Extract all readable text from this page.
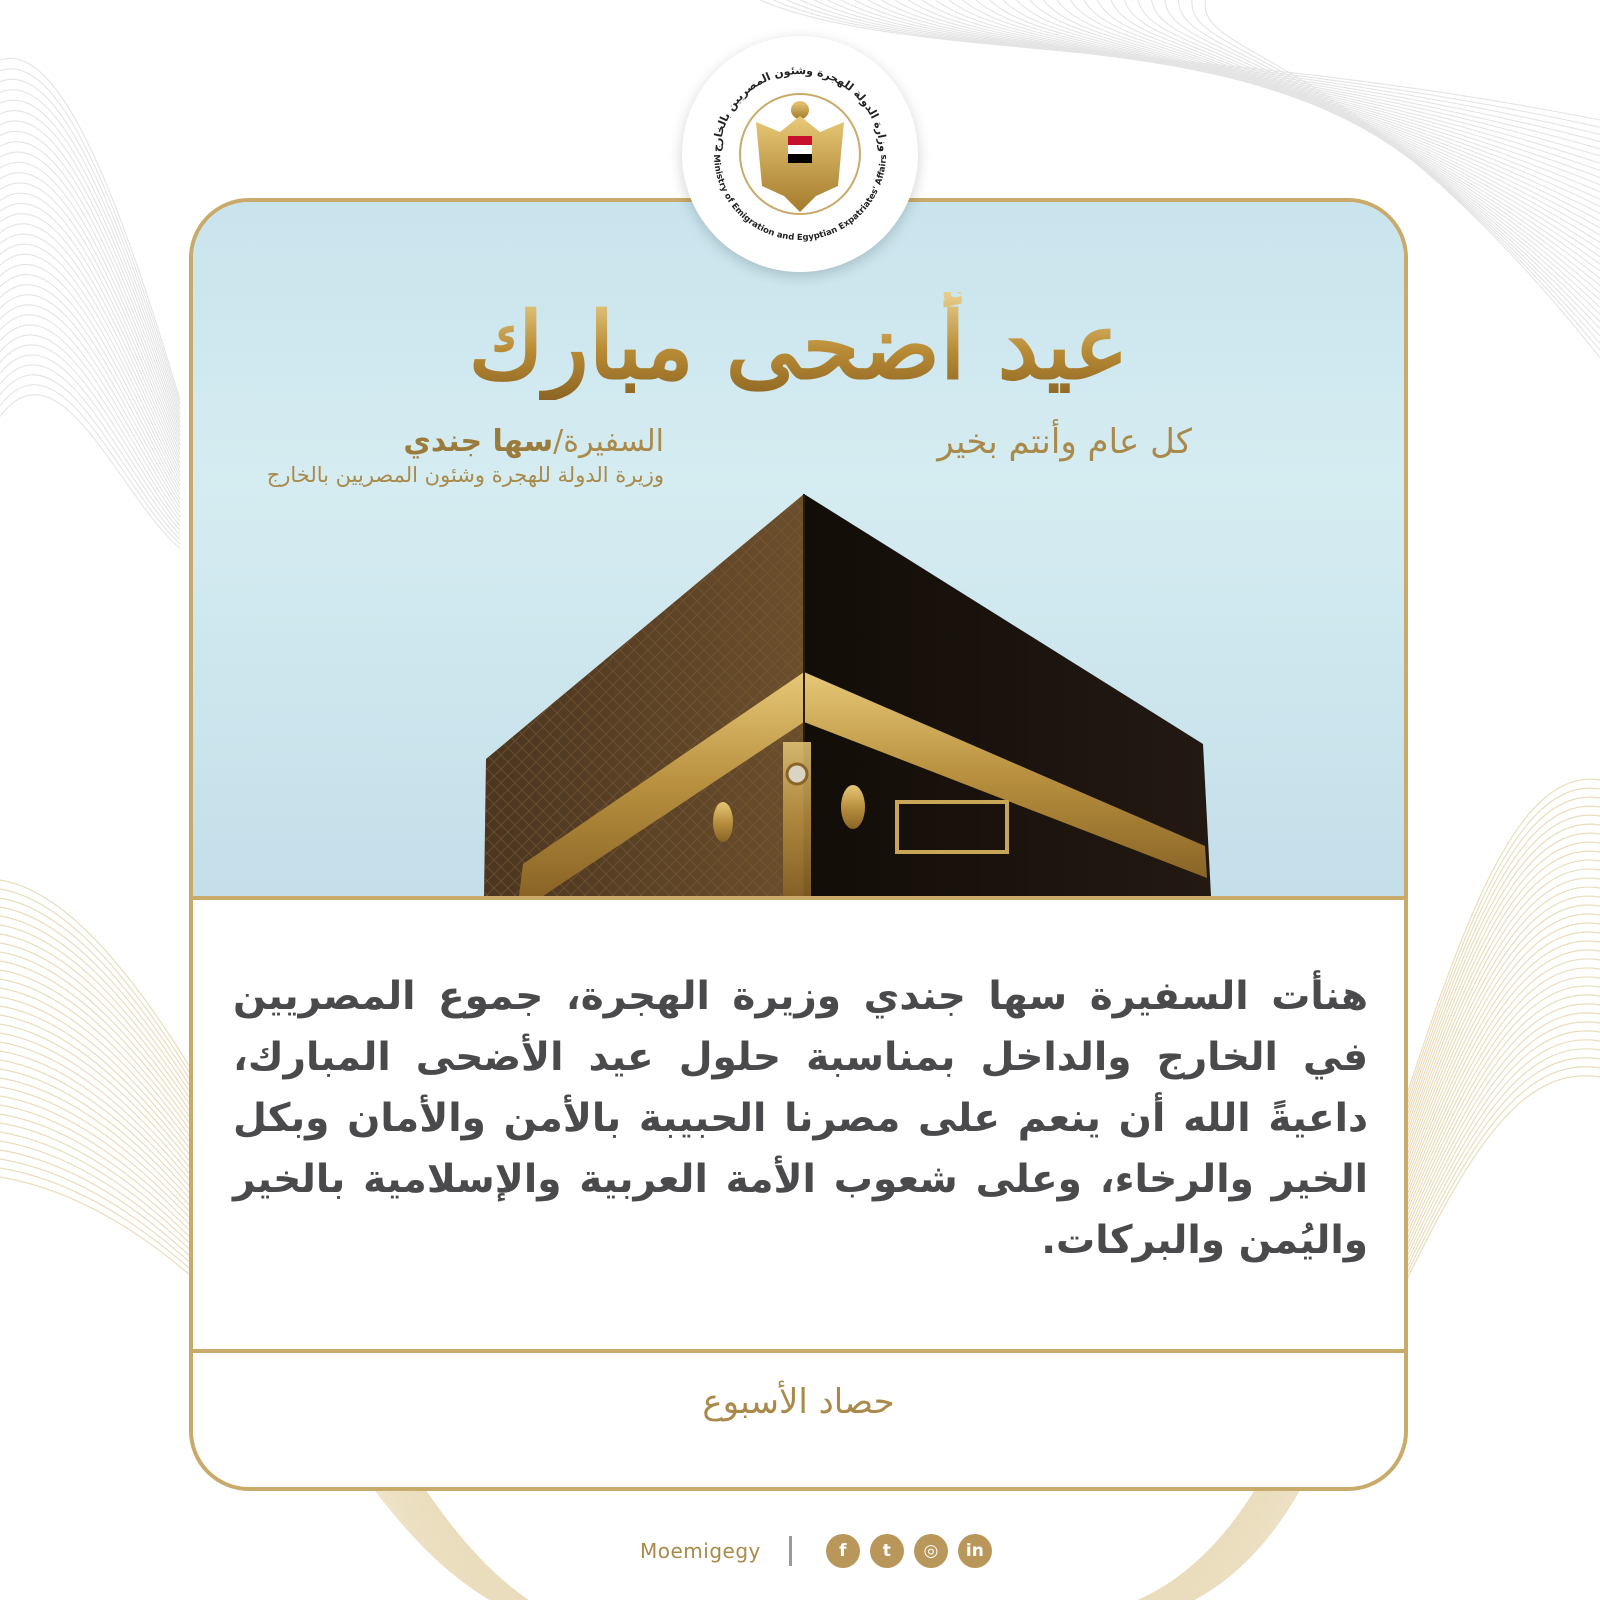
عيد أضحى مبارك
كل عام وأنتم بخير
السفيرة/سها جندي
وزيرة الدولة للهجرة وشئون المصريين بالخارج
هنأت السفيرة سها جندي وزيرة الهجرة، جموع المصريين في الخارج والداخل بمناسبة حلول عيد الأضحى المبارك، داعيةً الله أن ينعم على مصرنا الحبيبة بالأمن والأمان وبكل الخير والرخاء، وعلى شعوب الأمة العربية والإسلامية بالخير واليُمن والبركات.
حصاد الأسبوع
وزارة الدولة للهجرة وشئون المصريين بالخارج
Ministry of Emigration and Egyptian Expatriates' Affairs
Moemigegy	f	t	◎	in
